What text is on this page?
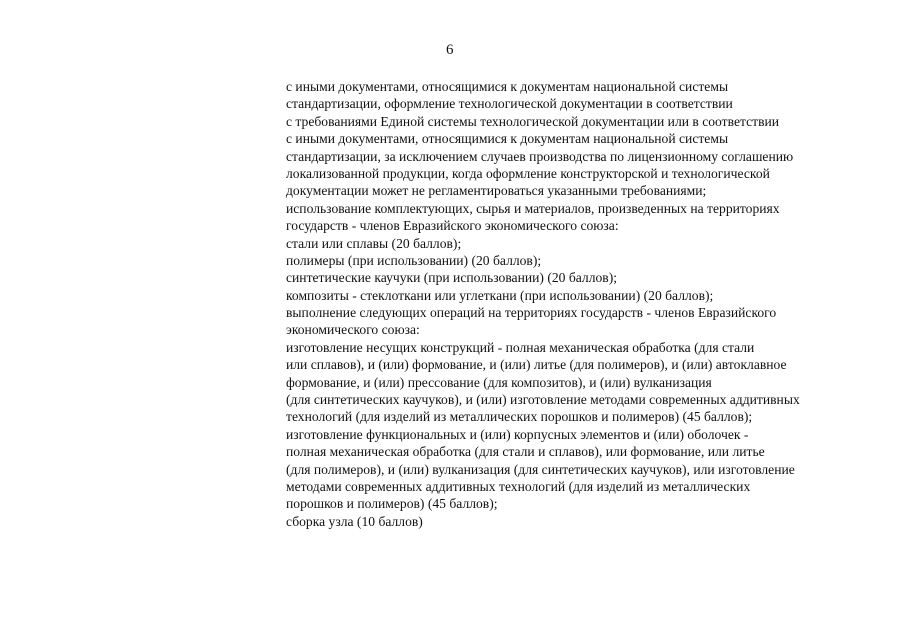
6
с иными документами, относящимися к документам национальной системы
стандартизации, оформление технологической документации в соответствии
с требованиями Единой системы технологической документации или в соответствии
с иными документами, относящимися к документам национальной системы
стандартизации, за исключением случаев производства по лицензионному соглашению
локализованной продукции, когда оформление конструкторской и технологической
документации может не регламентироваться указанными требованиями;
использование комплектующих, сырья и материалов, произведенных на территориях
государств - членов Евразийского экономического союза:
стали или сплавы (20 баллов);
полимеры (при использовании) (20 баллов);
синтетические каучуки (при использовании) (20 баллов);
композиты - стеклоткани или углеткани (при использовании) (20 баллов);
выполнение следующих операций на территориях государств - членов Евразийского
экономического союза:
изготовление несущих конструкций - полная механическая обработка (для стали
или сплавов), и (или) формование, и (или) литье (для полимеров), и (или) автоклавное
формование, и (или) прессование (для композитов), и (или) вулканизация
(для синтетических каучуков), и (или) изготовление методами современных аддитивных
технологий (для изделий из металлических порошков и полимеров) (45 баллов);
изготовление функциональных и (или) корпусных элементов и (или) оболочек -
полная механическая обработка (для стали и сплавов), или формование, или литье
(для полимеров), и (или) вулканизация (для синтетических каучуков), или изготовление
методами современных аддитивных технологий (для изделий из металлических
порошков и полимеров) (45 баллов);
сборка узла (10 баллов)
